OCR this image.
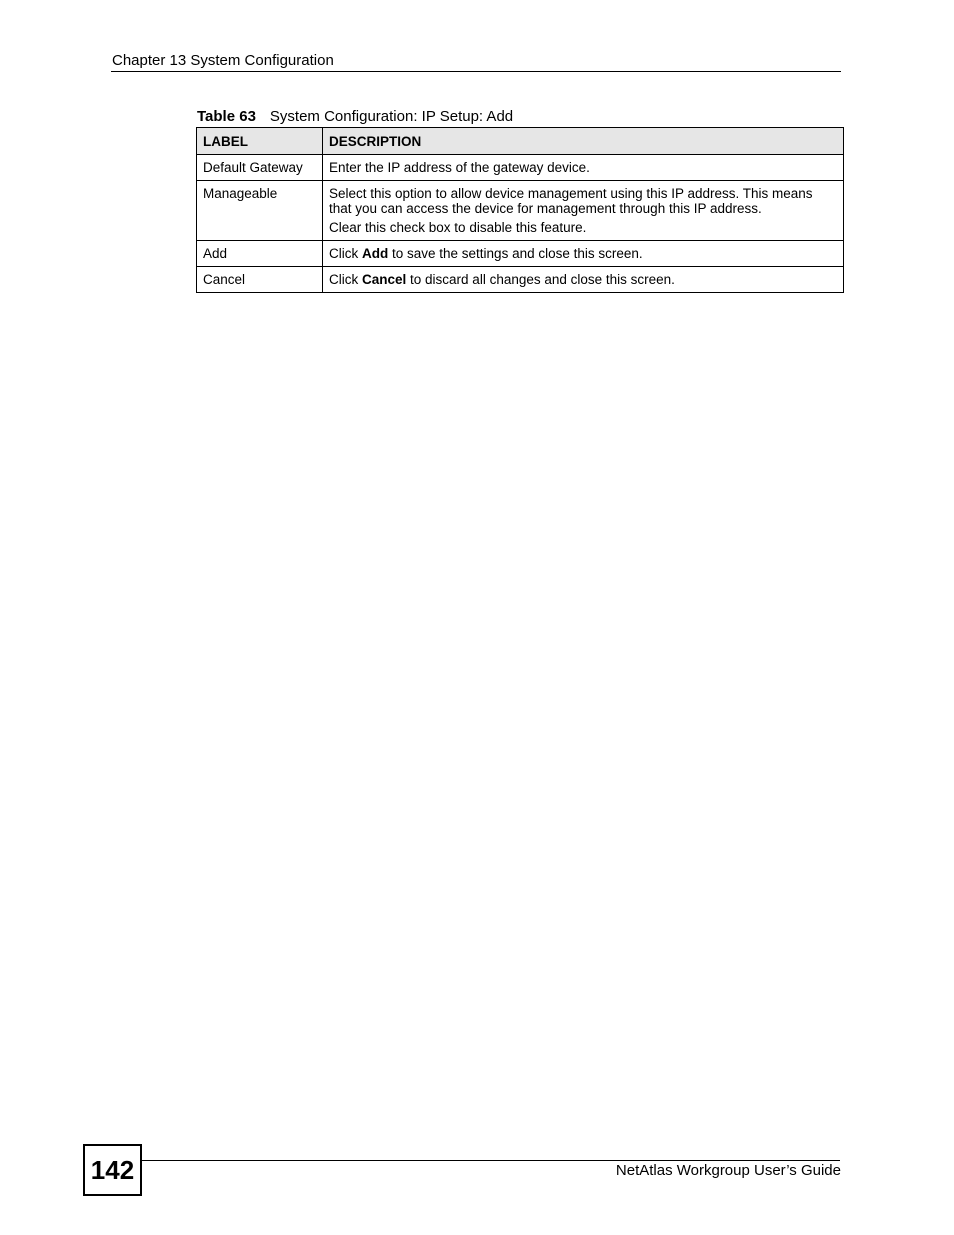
Chapter 13 System Configuration
Table 63 System Configuration: IP Setup: Add
LABEL	DESCRIPTION
Default Gateway	Enter the IP address of the gateway device.

Manageable	Select this option to allow device management using this IP address. This means that you can access the device for management through this IP address.

Clear this check box to disable this feature.

Add	Click Add to save the settings and close this screen.
Cancel	Click Cancel to discard all changes and close this screen.
142	NetAtlas Workgroup User’s Guide
